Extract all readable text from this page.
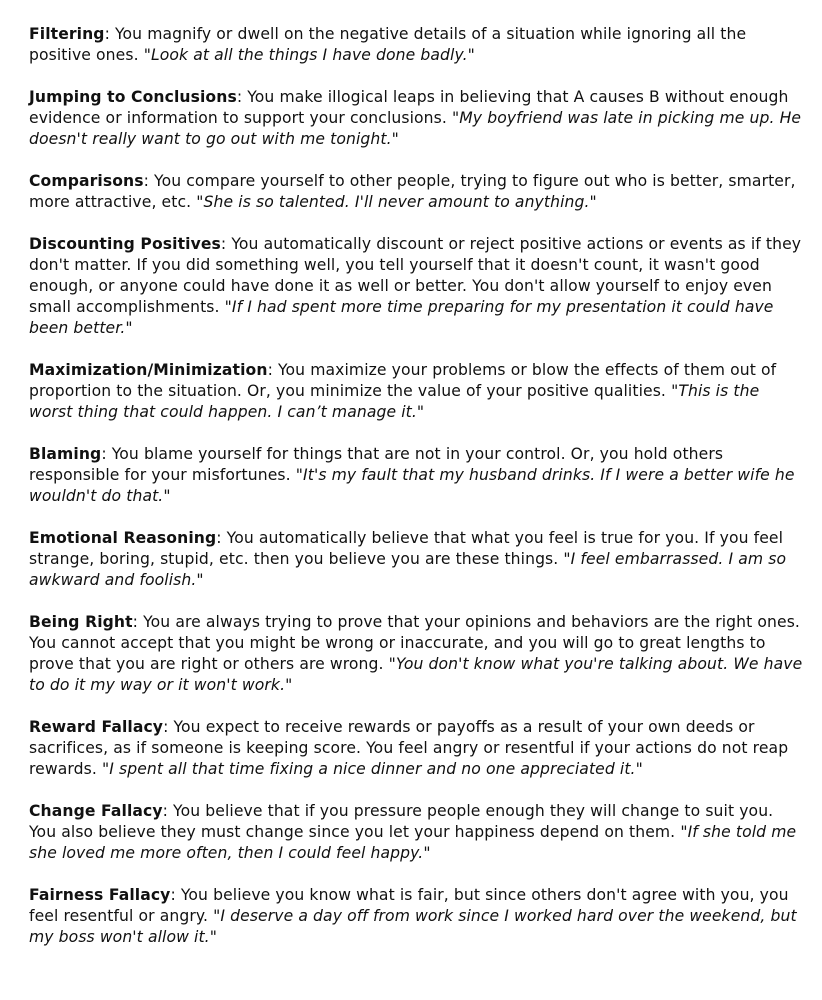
Filtering: You magnify or dwell on the negative details of a situation while ignoring all the positive ones. "Look at all the things I have done badly."

Jumping to Conclusions: You make illogical leaps in believing that A causes B without enough evidence or information to support your conclusions. "My boyfriend was late in picking me up. He doesn't really want to go out with me tonight."

Comparisons: You compare yourself to other people, trying to figure out who is better, smarter, more attractive, etc. "She is so talented. I'll never amount to anything."

Discounting Positives: You automatically discount or reject positive actions or events as if they don't matter. If you did something well, you tell yourself that it doesn't count, it wasn't good enough, or anyone could have done it as well or better. You don't allow yourself to enjoy even small accomplishments. "If I had spent more time preparing for my presentation it could have been better."

Maximization/Minimization: You maximize your problems or blow the effects of them out of proportion to the situation. Or, you minimize the value of your positive qualities. "This is the worst thing that could happen. I can’t manage it."

Blaming: You blame yourself for things that are not in your control. Or, you hold others responsible for your misfortunes. "It's my fault that my husband drinks. If I were a better wife he wouldn't do that."

Emotional Reasoning: You automatically believe that what you feel is true for you. If you feel strange, boring, stupid, etc. then you believe you are these things. "I feel embarrassed. I am so awkward and foolish."

Being Right: You are always trying to prove that your opinions and behaviors are the right ones. You cannot accept that you might be wrong or inaccurate, and you will go to great lengths to prove that you are right or others are wrong. "You don't know what you're talking about. We have to do it my way or it won't work."

Reward Fallacy: You expect to receive rewards or payoffs as a result of your own deeds or sacrifices, as if someone is keeping score. You feel angry or resentful if your actions do not reap rewards. "I spent all that time fixing a nice dinner and no one appreciated it."

Change Fallacy: You believe that if you pressure people enough they will change to suit you. You also believe they must change since you let your happiness depend on them. "If she told me she loved me more often, then I could feel happy."

Fairness Fallacy: You believe you know what is fair, but since others don't agree with you, you feel resentful or angry. "I deserve a day off from work since I worked hard over the weekend, but my boss won't allow it."
